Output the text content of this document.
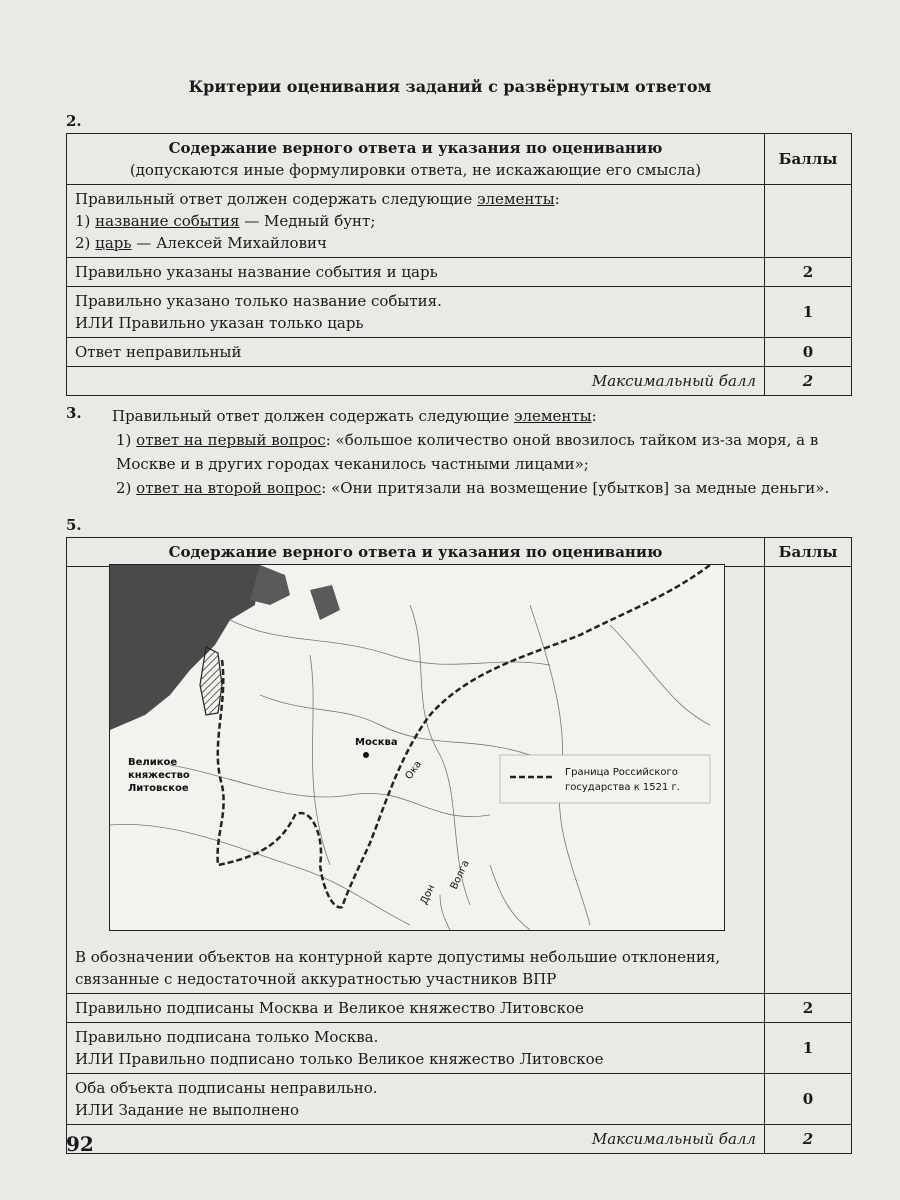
Критерии оценивания заданий с развёрнутым ответом
2.
Содержание верного ответа и указания по оцениванию
(допускаются иные формулировки ответа, не искажающие его смысла)	Баллы

Правильный ответ должен содержать следующие элементы:
1) название события — Медный бунт;
2) царь — Алексей Михайлович	

Правильно указаны название события и царь	2

Правильно указано только название события.
ИЛИ Правильно указан только царь	1
Ответ неправильный	0
Максимальный балл	2
3. Правильный ответ должен содержать следующие элементы:
1) ответ на первый вопрос: «большое количество оной ввозилось тайком из-за моря, а в Москве и в других городах чеканилось частными лицами»;
2) ответ на второй вопрос: «Они притязали на возмещение [убытков] за медные деньги».
5.
Содержание верного ответа и указания по оцениванию	Баллы

В обозначении объектов на контурной карте допустимы небольшие отклонения, связанные с недостаточной аккуратностью участников ВПР	

Правильно подписаны Москва и Великое княжество Литовское	2

Правильно подписана только Москва.
ИЛИ Правильно подписано только Великое княжество Литовское	1

Оба объекта подписаны неправильно.
ИЛИ Задание не выполнено	0
Максимальный балл	2
Москва
Великое
княжество
Литовское
Ока
Дон
Волга
Граница Российского
государства к 1521 г.
92
